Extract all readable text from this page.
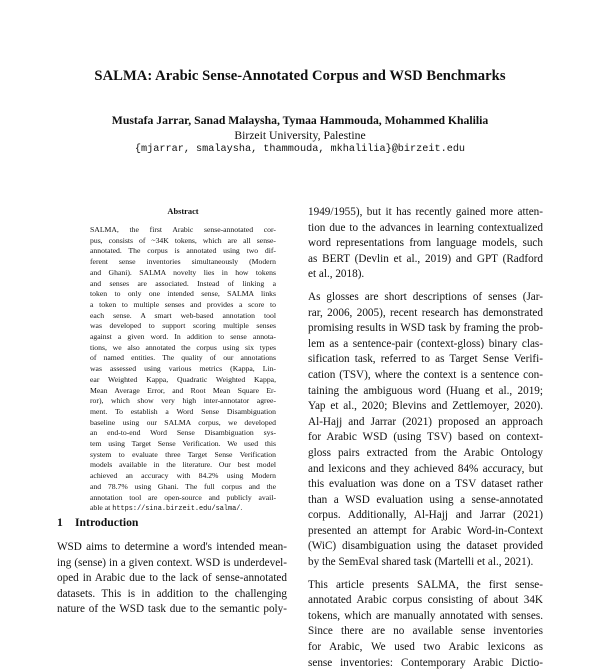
SALMA: Arabic Sense-Annotated Corpus and WSD Benchmarks
Mustafa Jarrar, Sanad Malaysha, Tymaa Hammouda, Mohammed Khalilia
Birzeit University, Palestine
{mjarrar, smalaysha, thammouda, mkhalilia}@birzeit.edu
Abstract
SALMA, the first Arabic sense-annotated cor-
pus, consists of ~34K tokens, which are all sense-
annotated. The corpus is annotated using two dif-
ferent sense inventories simultaneously (Modern
and Ghani). SALMA novelty lies in how tokens
and senses are associated. Instead of linking a
token to only one intended sense, SALMA links
a token to multiple senses and provides a score to
each sense. A smart web-based annotation tool
was developed to support scoring multiple senses
against a given word. In addition to sense annota-
tions, we also annotated the corpus using six types
of named entities. The quality of our annotations
was assessed using various metrics (Kappa, Lin-
ear Weighted Kappa, Quadratic Weighted Kappa,
Mean Average Error, and Root Mean Square Er-
ror), which show very high inter-annotator agree-
ment. To establish a Word Sense Disambiguation
baseline using our SALMA corpus, we developed
an end-to-end Word Sense Disambiguation sys-
tem using Target Sense Verification. We used this
system to evaluate three Target Sense Verification
models available in the literature. Our best model
achieved an accuracy with 84.2% using Modern
and 78.7% using Ghani. The full corpus and the
annotation tool are open-source and publicly avail-
able at https://sina.birzeit.edu/salma/.
1 Introduction
WSD aims to determine a word's intended mean-
ing (sense) in a given context. WSD is underdevel-
oped in Arabic due to the lack of sense-annotated
datasets. This is in addition to the challenging
nature of the WSD task due to the semantic poly-
1949/1955), but it has recently gained more atten-
tion due to the advances in learning contextualized
word representations from language models, such
as BERT (Devlin et al., 2019) and GPT (Radford
et al., 2018).
As glosses are short descriptions of senses (Jar-
rar, 2006, 2005), recent research has demonstrated
promising results in WSD task by framing the prob-
lem as a sentence-pair (context-gloss) binary clas-
sification task, referred to as Target Sense Verifi-
cation (TSV), where the context is a sentence con-
taining the ambiguous word (Huang et al., 2019;
Yap et al., 2020; Blevins and Zettlemoyer, 2020).
Al-Hajj and Jarrar (2021) proposed an approach
for Arabic WSD (using TSV) based on context-
gloss pairs extracted from the Arabic Ontology
and lexicons and they achieved 84% accuracy, but
this evaluation was done on a TSV dataset rather
than a WSD evaluation using a sense-annotated
corpus. Additionally, Al-Hajj and Jarrar (2021)
presented an attempt for Arabic Word-in-Context
(WiC) disambiguation using the dataset provided
by the SemEval shared task (Martelli et al., 2021).
This article presents SALMA, the first sense-
annotated Arabic corpus consisting of about 34K
tokens, which are manually annotated with senses.
Since there are no available sense inventories
for Arabic, We used two Arabic lexicons as
sense inventories: Contemporary Arabic Dictio-
